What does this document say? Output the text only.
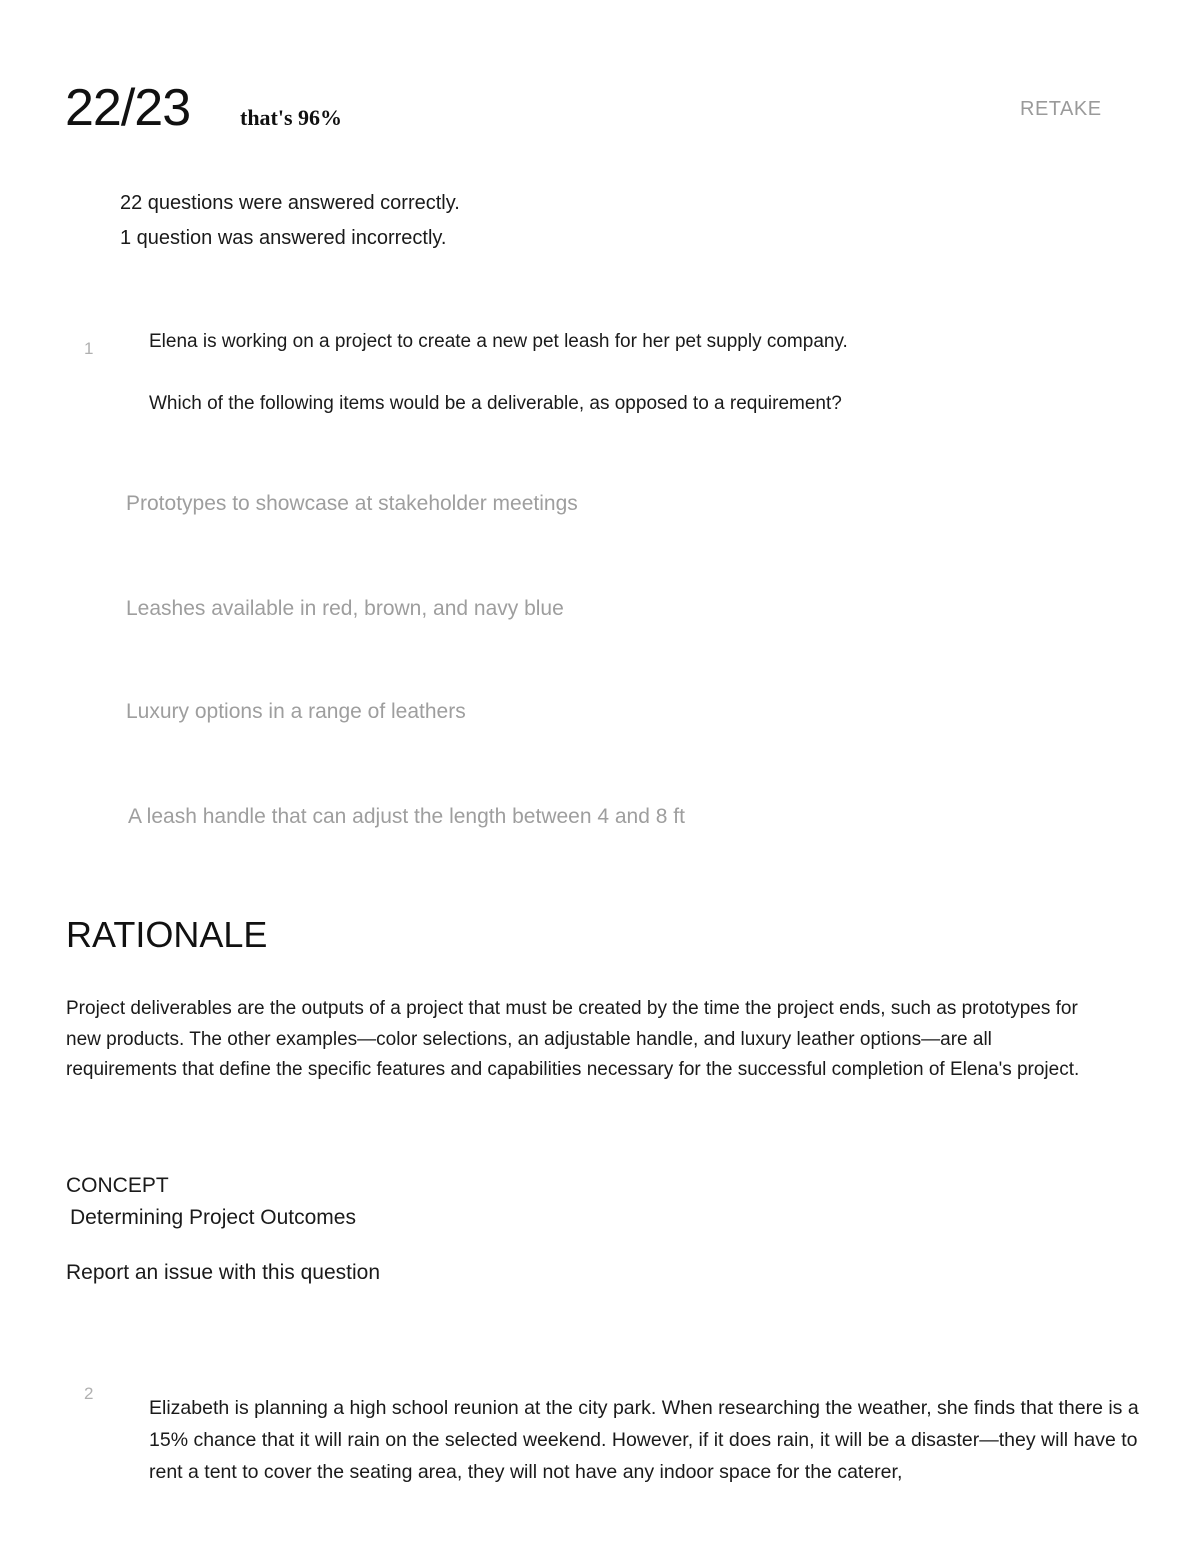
22/23 that's 96%	RETAKE
22 questions were answered correctly.
1 question was answered incorrectly.
1	Elena is working on a project to create a new pet leash for her pet supply company.
Which of the following items would be a deliverable, as opposed to a requirement?
Prototypes to showcase at stakeholder meetings
Leashes available in red, brown, and navy blue
Luxury options in a range of leathers
A leash handle that can adjust the length between 4 and 8 ft
RATIONALE
Project deliverables are the outputs of a project that must be created by the time the project ends, such as prototypes for new products. The other examples—color selections, an adjustable handle, and luxury leather options—are all requirements that define the specific features and capabilities necessary for the successful completion of Elena's project.
CONCEPT
Determining Project Outcomes
Report an issue with this question
2
Elizabeth is planning a high school reunion at the city park. When researching the weather, she finds that there is a 15% chance that it will rain on the selected weekend. However, if it does rain, it will be a disaster—they will have to rent a tent to cover the seating area, they will not have any indoor space for the caterer,
